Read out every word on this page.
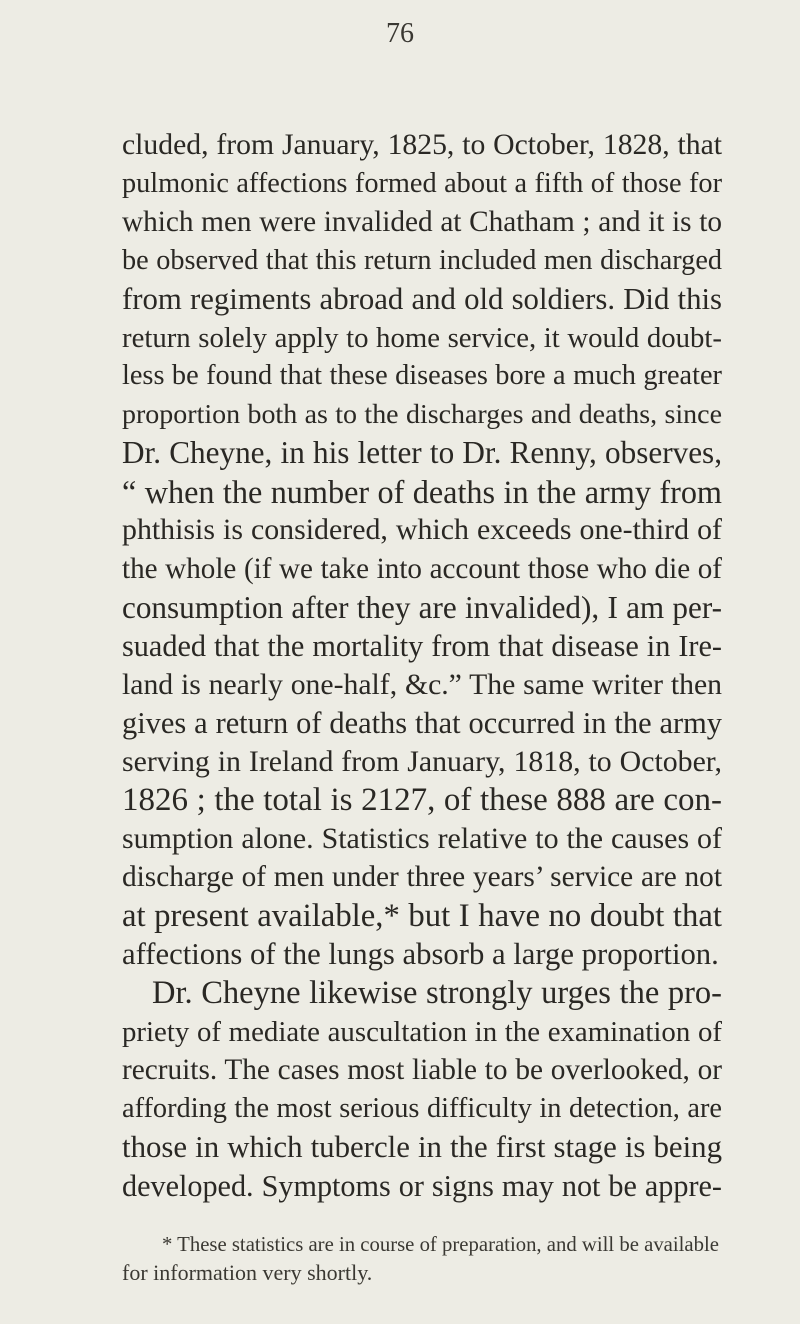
76
cluded, from January, 1825, to October, 1828, that
pulmonic affections formed about a fifth of those for
which men were invalided at Chatham ; and it is to
be observed that this return included men discharged
from regiments abroad and old soldiers. Did this
return solely apply to home service, it would doubt-
less be found that these diseases bore a much greater
proportion both as to the discharges and deaths, since
Dr. Cheyne, in his letter to Dr. Renny, observes,
“ when the number of deaths in the army from
phthisis is considered, which exceeds one-third of
the whole (if we take into account those who die of
consumption after they are invalided), I am per-
suaded that the mortality from that disease in Ire-
land is nearly one-half, &c.” The same writer then
gives a return of deaths that occurred in the army
serving in Ireland from January, 1818, to October,
1826 ; the total is 2127, of these 888 are con-
sumption alone. Statistics relative to the causes of
discharge of men under three years’ service are not
at present available,* but I have no doubt that
affections of the lungs absorb a large proportion.
Dr. Cheyne likewise strongly urges the pro-
priety of mediate auscultation in the examination of
recruits. The cases most liable to be overlooked, or
affording the most serious difficulty in detection, are
those in which tubercle in the first stage is being
developed. Symptoms or signs may not be appre-
* These statistics are in course of preparation, and will be available
for information very shortly.
